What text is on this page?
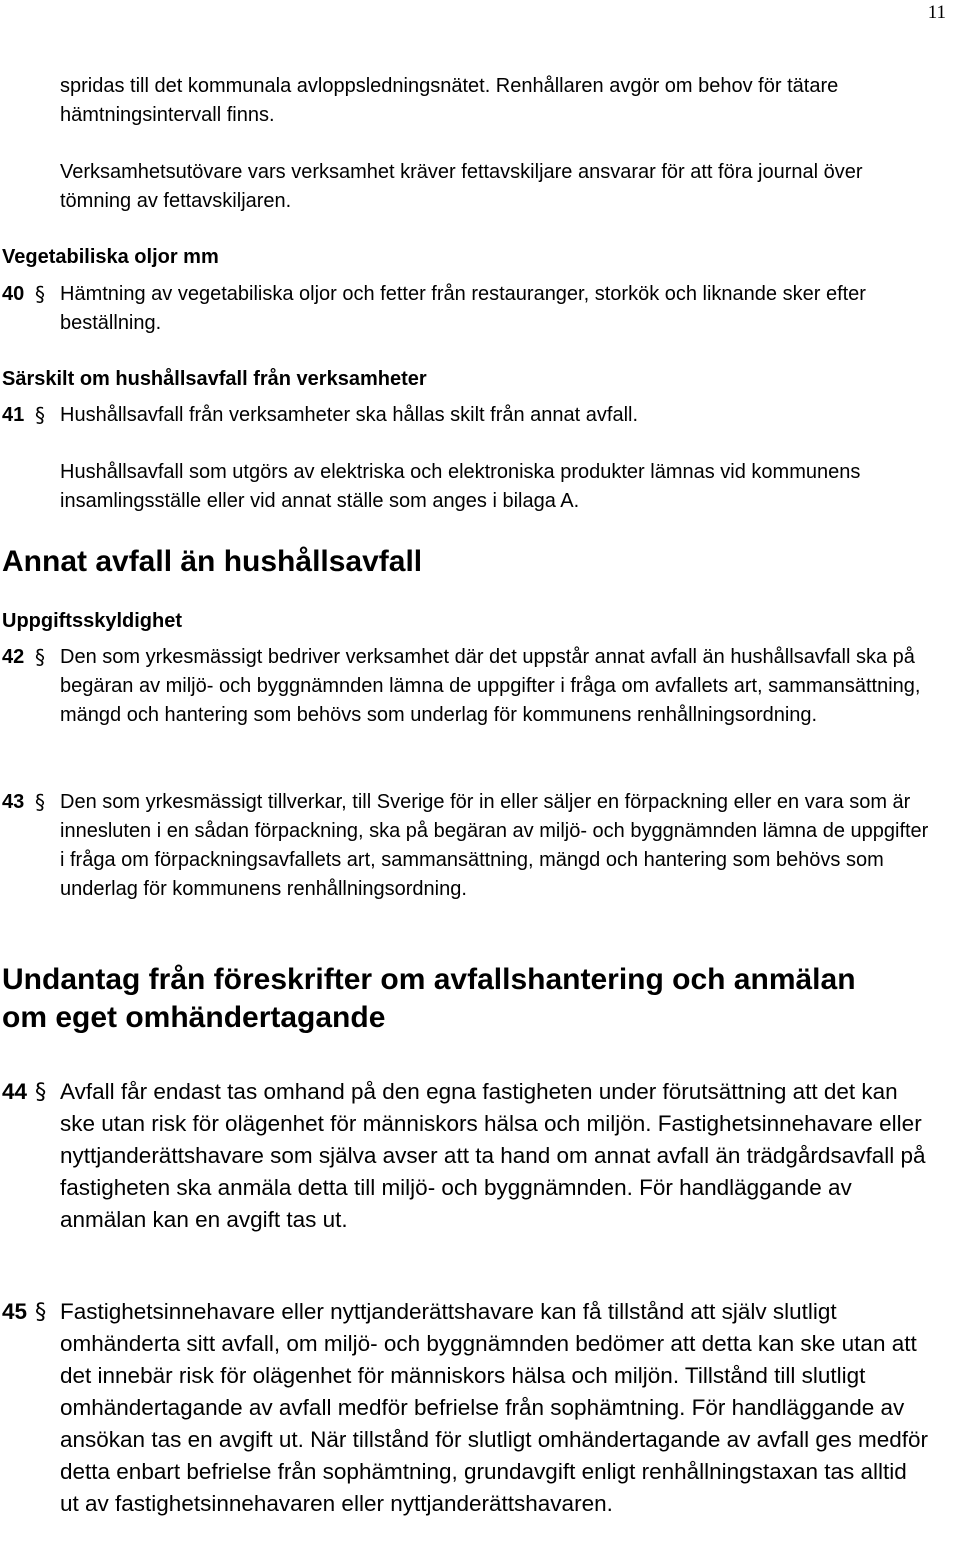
11

spridas till det kommunala avloppsledningsnätet. Renhållaren avgör om behov för tätare hämtningsintervall finns.

Verksamhetsutövare vars verksamhet kräver fettavskiljare ansvarar för att föra journal över tömning av fettavskiljaren.

Vegetabiliska oljor mm
40 § Hämtning av vegetabiliska oljor och fetter från restauranger, storkök och liknande sker efter beställning.
Särskilt om hushållsavfall från verksamheter
41 § Hushållsavfall från verksamheter ska hållas skilt från annat avfall.

Hushållsavfall som utgörs av elektriska och elektroniska produkter lämnas vid kommunens insamlingsställe eller vid annat ställe som anges i bilaga A.

Annat avfall än hushållsavfall
Uppgiftsskyldighet
42 § Den som yrkesmässigt bedriver verksamhet där det uppstår annat avfall än hushållsavfall ska på begäran av miljö- och byggnämnden lämna de uppgifter i fråga om avfallets art, sammansättning, mängd och hantering som behövs som underlag för kommunens renhållningsordning.
43 § Den som yrkesmässigt tillverkar, till Sverige för in eller säljer en förpackning eller en vara som är innesluten i en sådan förpackning, ska på begäran av miljö- och byggnämnden lämna de uppgifter i fråga om förpackningsavfallets art, sammansättning, mängd och hantering som behövs som underlag för kommunens renhållningsordning.
Undantag från föreskrifter om avfallshantering och anmälan om eget omhändertagande
44 § Avfall får endast tas omhand på den egna fastigheten under förutsättning att det kan ske utan risk för olägenhet för människors hälsa och miljön. Fastighetsinnehavare eller nyttjanderättshavare som själva avser att ta hand om annat avfall än trädgårdsavfall på fastigheten ska anmäla detta till miljö- och byggnämnden. För handläggande av anmälan kan en avgift tas ut.
45 § Fastighetsinnehavare eller nyttjanderättshavare kan få tillstånd att själv slutligt omhänderta sitt avfall, om miljö- och byggnämnden bedömer att detta kan ske utan att det innebär risk för olägenhet för människors hälsa och miljön. Tillstånd till slutligt omhändertagande av avfall medför befrielse från sophämtning. För handläggande av ansökan tas en avgift ut. När tillstånd för slutligt omhändertagande av avfall ges medför detta enbart befrielse från sophämtning, grundavgift enligt renhållningstaxan tas alltid ut av fastighetsinnehavaren eller nyttjanderättshavaren.
